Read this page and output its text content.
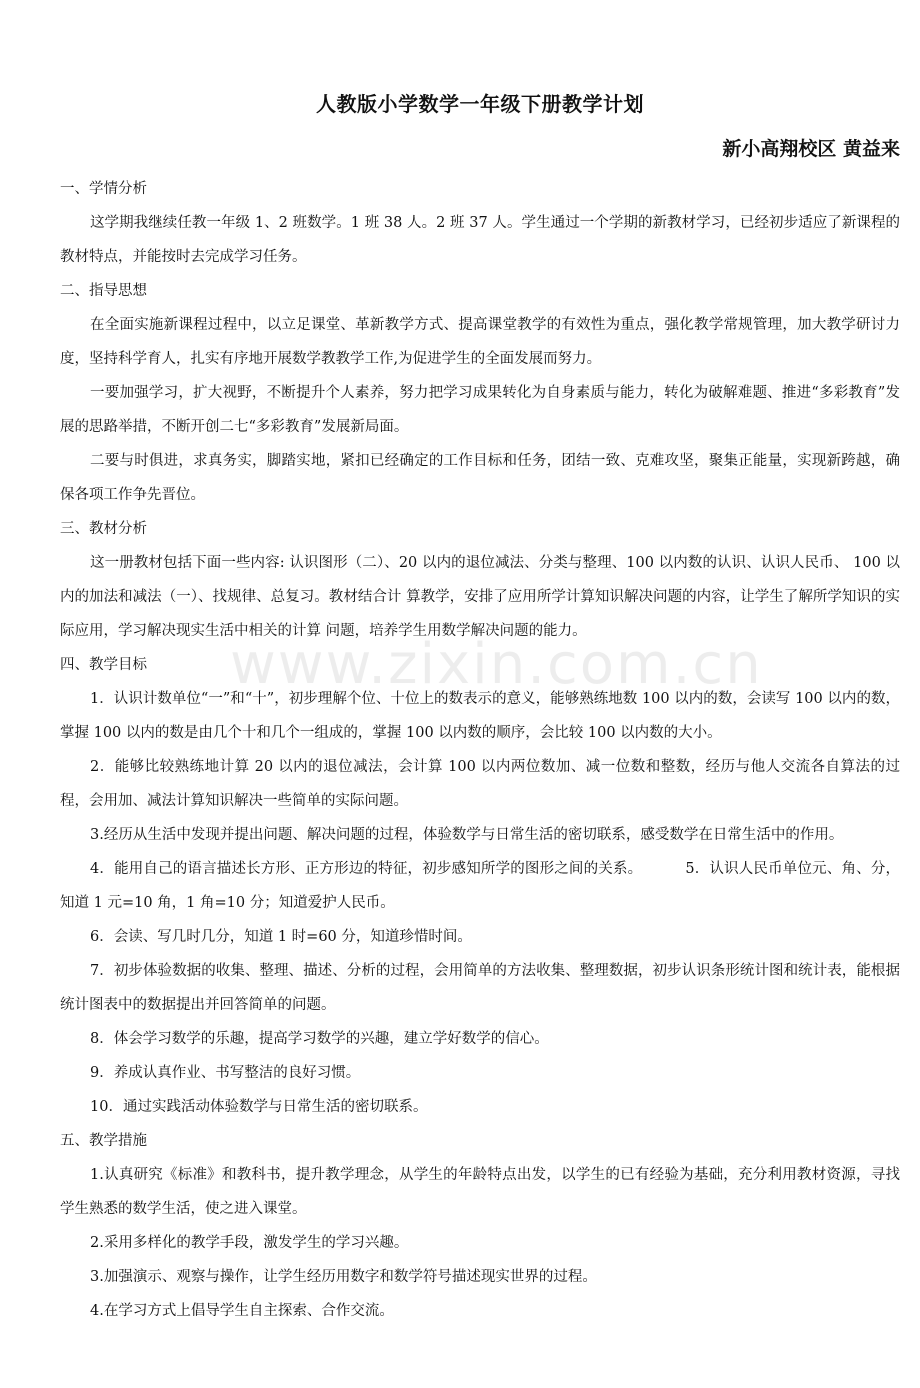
人教版小学数学一年级下册教学计划
新小高翔校区 黄益来

一、学情分析

这学期我继续任教一年级 1、2 班数学。1 班 38 人。2 班 37 人。学生通过一个学期的新教材学习，已经初步适应了新课程的教材特点，并能按时去完成学习任务。

二、指导思想

在全面实施新课程过程中，以立足课堂、革新教学方式、提高课堂教学的有效性为重点，强化教学常规管理，加大教学研讨力度，坚持科学育人，扎实有序地开展数学教教学工作,为促进学生的全面发展而努力。

一要加强学习，扩大视野，不断提升个人素养，努力把学习成果转化为自身素质与能力，转化为破解难题、推进“多彩教育”发展的思路举措，不断开创二七“多彩教育”发展新局面。

二要与时俱进，求真务实，脚踏实地，紧扣已经确定的工作目标和任务，团结一致、克难攻坚，聚集正能量，实现新跨越，确保各项工作争先晋位。

三、教材分析

这一册教材包括下面一些内容: 认识图形（二）、20 以内的退位减法、分类与整理、100 以内数的认识、认识人民币、 100 以内的加法和减法（一）、找规律、总复习。教材结合计 算教学，安排了应用所学计算知识解决问题的内容，让学生了解所学知识的实际应用，学习解决现实生活中相关的计算 问题，培养学生用数学解决问题的能力。

四、教学目标

1．认识计数单位“一”和“十”，初步理解个位、十位上的数表示的意义，能够熟练地数 100 以内的数，会读写 100 以内的数，掌握 100 以内的数是由几个十和几个一组成的，掌握 100 以内数的顺序，会比较 100 以内数的大小。

2．能够比较熟练地计算 20 以内的退位减法，会计算 100 以内两位数加、减一位数和整数，经历与他人交流各自算法的过程，会用加、减法计算知识解决一些简单的实际问题。

3.经历从生活中发现并提出问题、解决问题的过程，体验数学与日常生活的密切联系，感受数学在日常生活中的作用。

4．能用自己的语言描述长方形、正方形边的特征，初步感知所学的图形之间的关系。         5．认识人民币单位元、角、分，知道 1 元=10 角，1 角=10 分；知道爱护人民币。

6．会读、写几时几分，知道 1 时=60 分，知道珍惜时间。

7．初步体验数据的收集、整理、描述、分析的过程，会用简单的方法收集、整理数据，初步认识条形统计图和统计表，能根据统计图表中的数据提出并回答简单的问题。

8．体会学习数学的乐趣，提高学习数学的兴趣，建立学好数学的信心。

9．养成认真作业、书写整洁的良好习惯。

10．通过实践活动体验数学与日常生活的密切联系。

五、教学措施

1.认真研究《标准》和教科书，提升教学理念，从学生的年龄特点出发，以学生的已有经验为基础，充分利用教材资源，寻找学生熟悉的数学生活，使之进入课堂。

2.采用多样化的教学手段，激发学生的学习兴趣。

3.加强演示、观察与操作，让学生经历用数字和数学符号描述现实世界的过程。

4.在学习方式上倡导学生自主探索、合作交流。

www.zixin.com.cn
